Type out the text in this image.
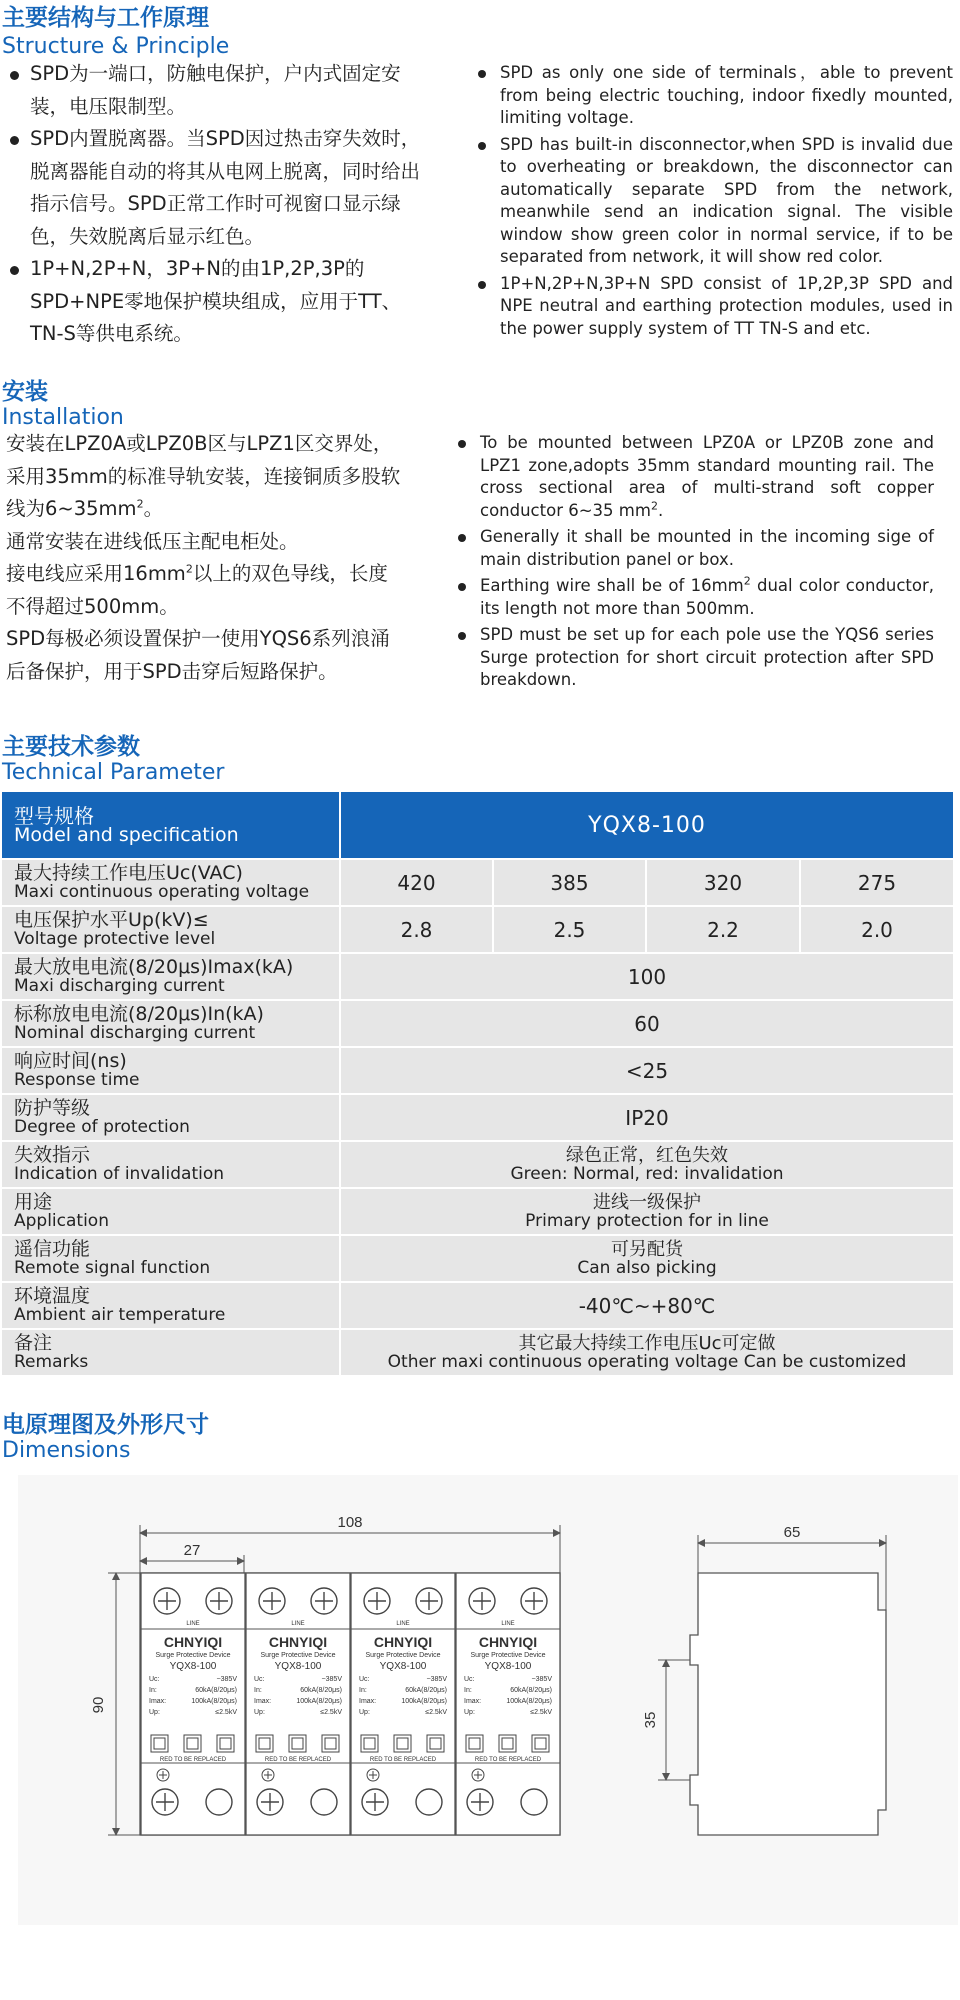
主要结构与工作原理
Structure & Principle
SPD为一端口，防触电保护，户内式固定安装，电压限制型。
SPD内置脱离器。当SPD因过热击穿失效时，脱离器能自动的将其从电网上脱离，同时给出指示信号。SPD正常工作时可视窗口显示绿色，失效脱离后显示红色。
1P+N,2P+N，3P+N的由1P,2P,3P的SPD+NPE零地保护模块组成，应用于TT、TN-S等供电系统。
SPD as only one side of terminals，able to prevent from being electric touching, indoor fixedly mounted, limiting voltage.
SPD has built-in disconnector,when SPD is invalid due to overheating or breakdown, the disconnector can automatically separate SPD from the network, meanwhile send an indication signal. The visible window show green color in normal service, if to be separated from network, it will show red color.
1P+N,2P+N,3P+N SPD consist of 1P,2P,3P SPD and NPE neutral and earthing protection modules, used in the power supply system of TT TN-S and etc.
安装
Installation
安装在LPZ0A或LPZ0B区与LPZ1区交界处，采用35mm的标准导轨安装，连接铜质多股软线为$6\sim 35mm^2$。
通常安装在进线低压主配电柜处。
接电线应采用$16mm^2$以上的双色导线，长度不得超过500mm。
SPD每极必须设置保护一使用YQS6系列浪涌后备保护，用于SPD击穿后短路保护。
To be mounted between LPZ0A or LPZ0B zone and LPZ1 zone,adopts 35mm standard mounting rail. The cross sectional area of multi-strand soft copper conductor 6~35 $mm^2$.
Generally it shall be mounted in the incoming sige of main distribution panel or box.
Earthing wire shall be of $16mm^2$ dual color conductor, its length not more than 500mm.
SPD must be set up for each pole use the YQS6 series Surge protection for short circuit protection after SPD breakdown.
主要技术参数
Technical Parameter
型号规格
Model and specification	YQX8-100			

最大持续工作电压Uc(VAC)
Maxi continuous operating voltage	420	385	320	275

电压保护水平Up(kV)≤
Voltage protective level	2.8	2.5	2.2	2.0

最大放电电流(8/20μs)Imax(kA)
Maxi discharging current	100			

标称放电电流(8/20μs)In(kA)
Nominal discharging current	60			

响应时间(ns)
Response time	<25			

防护等级
Degree of protection	IP20			

失效指示
Indication of invalidation	绿色正常，红色失效
Green: Normal, red: invalidation			

用途
Application	进线一级保护
Primary protection for in line			

遥信功能
Remote signal function	可另配货
Can also picking			

环境温度
Ambient air temperature	-40℃~+80℃			

备注
Remarks	其它最大持续工作电压Uc可定做
Other maxi continuous operating voltage Can be customized			
电原理图及外形尺寸
Dimensions
LINE
CHNYIQI
Surge Protective Device
YQX8-100
Uc:	~385V
In:	60kA(8/20μs)
Imax:	100kA(8/20μs)
Up:	≤2.5kV
RED TO BE REPLACED
LINE
CHNYIQI
Surge Protective Device
YQX8-100
Uc:	~385V
In:	60kA(8/20μs)
Imax:	100kA(8/20μs)
Up:	≤2.5kV
RED TO BE REPLACED
LINE
CHNYIQI
Surge Protective Device
YQX8-100
Uc:	~385V
In:	60kA(8/20μs)
Imax:	100kA(8/20μs)
Up:	≤2.5kV
RED TO BE REPLACED
LINE
CHNYIQI
Surge Protective Device
YQX8-100
Uc:	~385V
In:	60kA(8/20μs)
Imax:	100kA(8/20μs)
Up:	≤2.5kV
RED TO BE REPLACED
108
27
90
65
35
